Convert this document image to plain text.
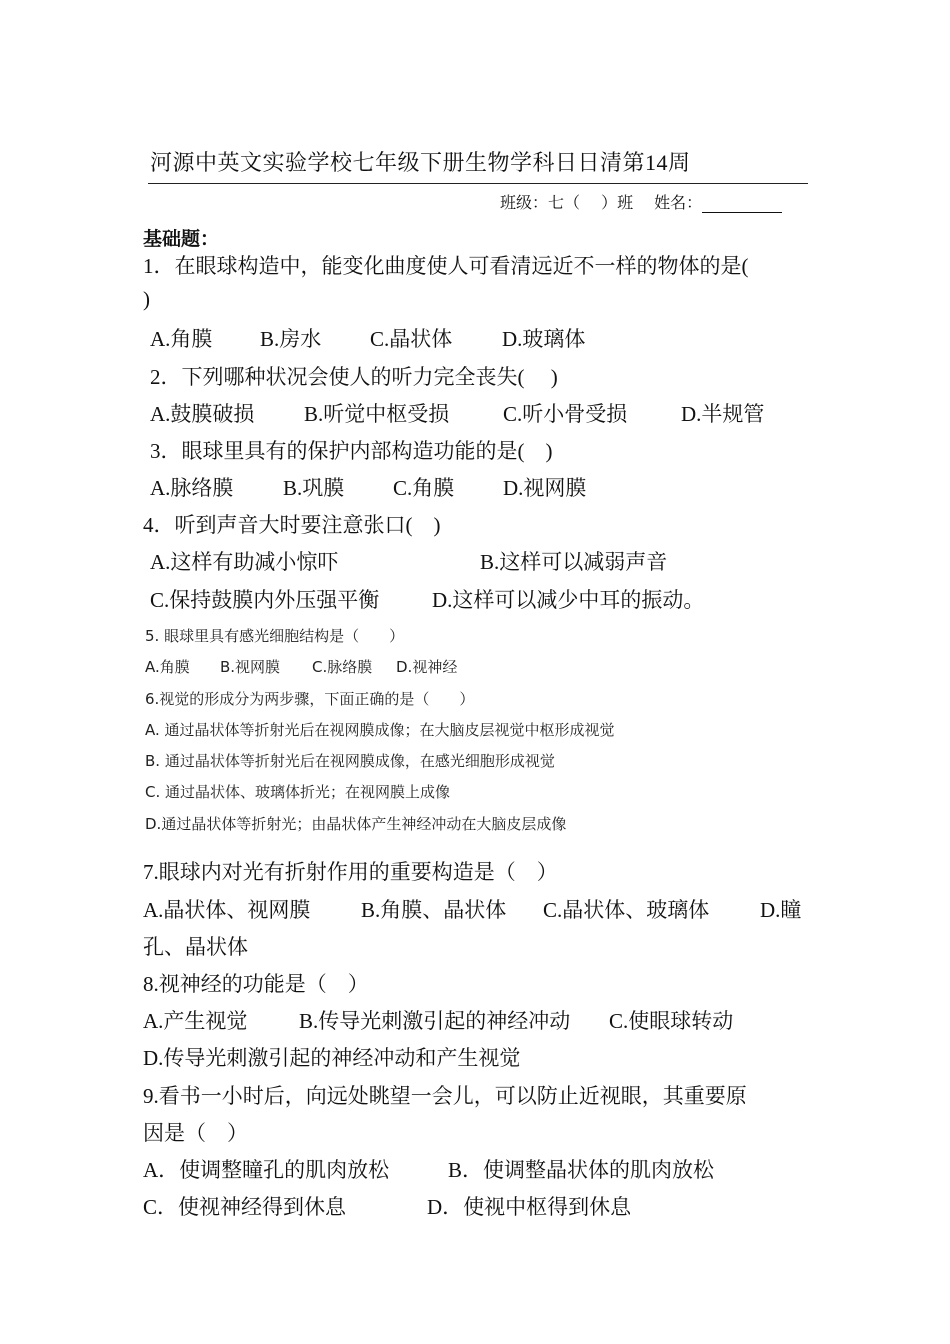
河源中英文实验学校七年级下册生物学科日日清第14周
班级：七（　 ）班　 姓名：
基础题：
1．在眼球构造中，能变化曲度使人可看清远近不一样的物体的是(
)
A.角膜 B.房水 C.晶状体 D.玻璃体
2．下列哪种状况会使人的听力完全丧失(　 )
A.鼓膜破损 B.听觉中枢受损	C.听小骨受损	D.半规管
3．眼球里具有的保护内部构造功能的是(　)
A.脉络膜 B.巩膜 C.角膜 D.视网膜
4．听到声音大时要注意张口(　)
A.这样有助减小惊吓	B.这样可以减弱声音
C.保持鼓膜内外压强平衡	D.这样可以减少中耳的振动。
5. 眼球里具有感光细胞结构是（　　）
A.角膜 B.视网膜 C.脉络膜 D.视神经
6.视觉的形成分为两步骤，下面正确的是（　　）
A. 通过晶状体等折射光后在视网膜成像；在大脑皮层视觉中枢形成视觉
B. 通过晶状体等折射光后在视网膜成像，在感光细胞形成视觉
C. 通过晶状体、玻璃体折光；在视网膜上成像
D.通过晶状体等折射光；由晶状体产生神经冲动在大脑皮层成像
7.眼球内对光有折射作用的重要构造是（　）
A.晶状体、视网膜 B.角膜、晶状体 C.晶状体、玻璃体 D.瞳
孔、晶状体
8.视神经的功能是（　）
A.产生视觉 B.传导光刺激引起的神经冲动 C.使眼球转动
D.传导光刺激引起的神经冲动和产生视觉
9.看书一小时后，向远处眺望一会儿，可以防止近视眼，其重要原
因是（　）
A．使调整瞳孔的肌肉放松	B．使调整晶状体的肌肉放松
C．使视神经得到休息	D．使视中枢得到休息
